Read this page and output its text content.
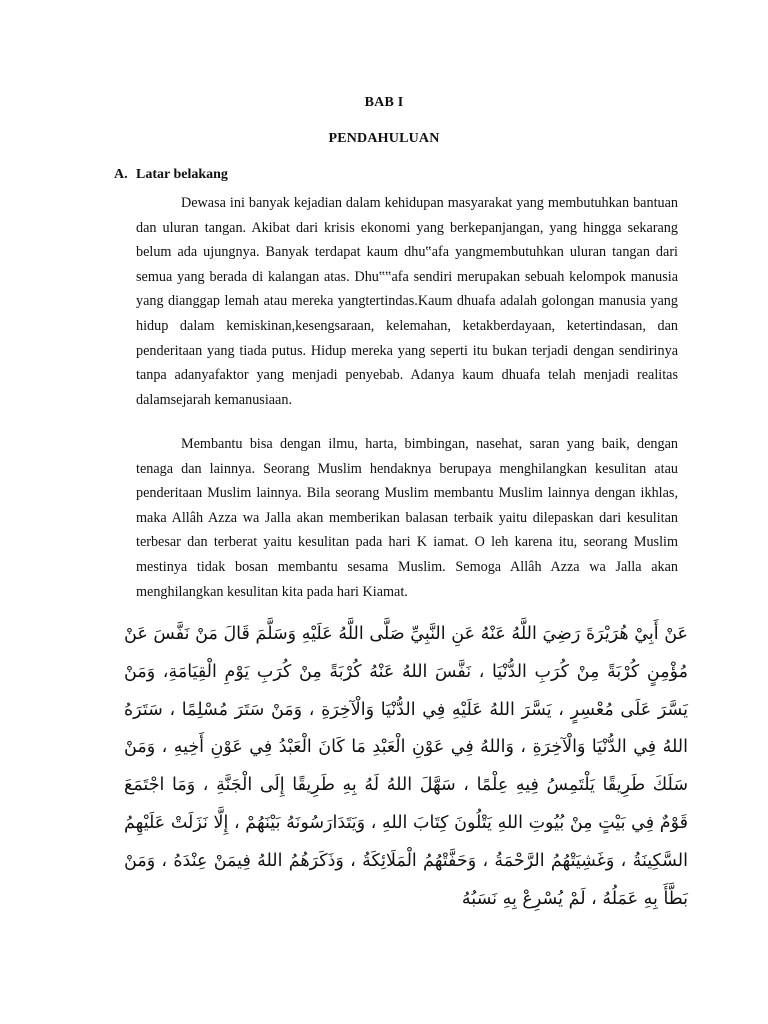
BAB I
PENDAHULUAN
A. Latar belakang

Dewasa ini banyak kejadian dalam kehidupan masyarakat yang membutuhkan bantuan dan uluran tangan. Akibat dari krisis ekonomi yang berkepanjangan, yang hingga sekarang belum ada ujungnya. Banyak terdapat kaum dhu‟afa yangmembutuhkan uluran tangan dari semua yang berada di kalangan atas. Dhu‟‟afa sendiri merupakan sebuah kelompok manusia yang dianggap lemah atau mereka yangtertindas.Kaum dhuafa adalah golongan manusia yang hidup dalam kemiskinan,kesengsaraan, kelemahan, ketakberdayaan, ketertindasan, dan penderitaan yang tiada putus. Hidup mereka yang seperti itu bukan terjadi dengan sendirinya tanpa adanyafaktor yang menjadi penyebab. Adanya kaum dhuafa telah menjadi realitas dalamsejarah kemanusiaan.

Membantu bisa dengan ilmu, harta, bimbingan, nasehat, saran yang baik, dengan tenaga dan lainnya. Seorang Muslim hendaknya berupaya menghilangkan kesulitan atau penderitaan Muslim lainnya. Bila seorang Muslim membantu Muslim lainnya dengan ikhlas, maka Allâh Azza wa Jalla akan memberikan balasan terbaik yaitu dilepaskan dari kesulitan terbesar dan terberat yaitu kesulitan pada hari K iamat. O leh karena itu, seorang Muslim mestinya tidak bosan membantu sesama Muslim. Semoga Allâh Azza wa Jalla akan menghilangkan kesulitan kita pada hari Kiamat.

عَنْ أَبِيْ هُرَيْرَةَ رَضِيَ اللَّهُ عَنْهُ عَنِ النَّبِيِّ صَلَّى اللَّهُ عَلَيْهِ وَسَلَّمَ قَالَ مَنْ نَفَّسَ عَنْ مُؤْمِنٍ كُرْبَةً مِنْ كُرَبِ الدُّنْيَا ، نَفَّسَ اللهُ عَنْهُ كُرْبَةً مِنْ كُرَبِ يَوْمِ الْقِيَامَةِ، وَمَنْ يَسَّرَ عَلَى مُعْسِرٍ ، يَسَّرَ اللهُ عَلَيْهِ فِي الدُّنْيَا وَالْآخِرَةِ ، وَمَنْ سَتَرَ مُسْلِمًا ، سَتَرَهُ اللهُ فِي الدُّنْيَا وَالْآخِرَةِ ، وَاللهُ فِي عَوْنِ الْعَبْدِ مَا كَانَ الْعَبْدُ فِي عَوْنِ أَخِيهِ ، وَمَنْ سَلَكَ طَرِيقًا يَلْتَمِسُ فِيهِ عِلْمًا ، سَهَّلَ اللهُ لَهُ بِهِ طَرِيقًا إِلَى الْجَنَّةِ ، وَمَا اجْتَمَعَ قَوْمٌ فِي بَيْتٍ مِنْ بُيُوتِ اللهِ يَتْلُونَ كِتَابَ اللهِ ، وَيَتَدَارَسُونَهُ بَيْنَهُمْ ، إِلَّا نَزَلَتْ عَلَيْهِمُ السَّكِينَةُ ، وَغَشِيَتْهُمُ الرَّحْمَةُ ، وَحَفَّتْهُمُ الْمَلَائِكَةُ ، وَذَكَرَهُمُ اللهُ فِيمَنْ عِنْدَهُ ، وَمَنْ بَطَّأَ بِهِ عَمَلُهُ ، لَمْ يُسْرِعْ بِهِ نَسَبُهُ
